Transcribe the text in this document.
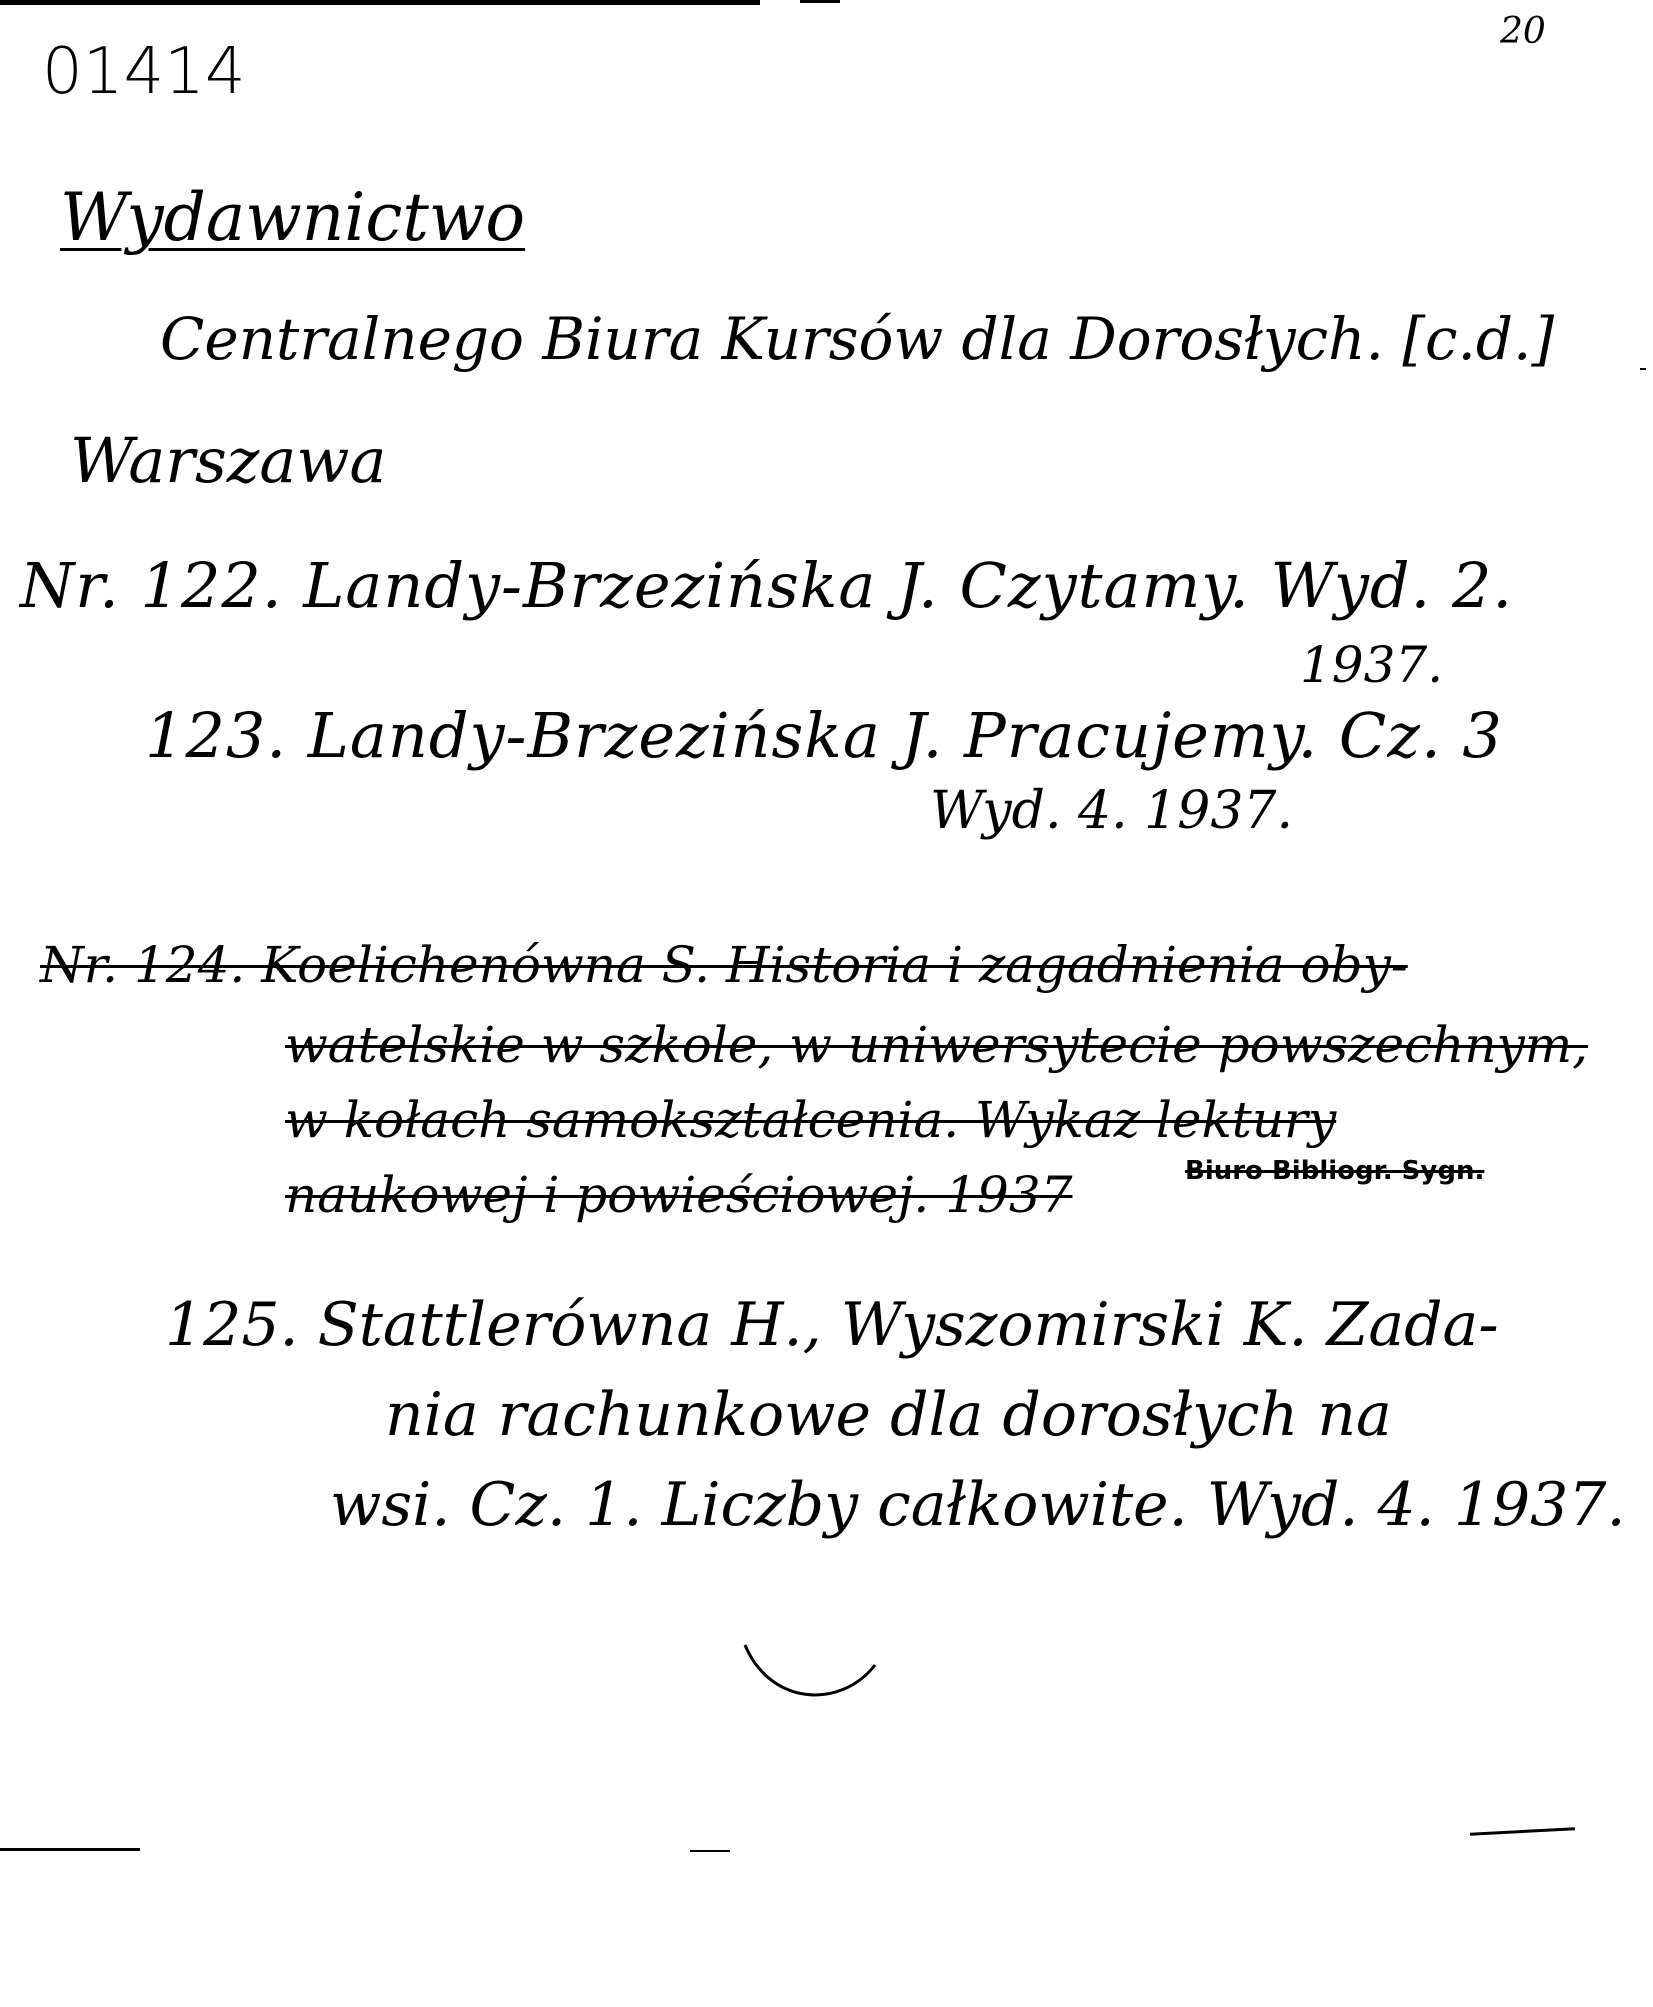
01414
20
Wydawnictwo
Centralnego Biura Kursów dla Dorosłych. [c.d.]
Warszawa
Nr. 122. Landy-Brzezińska J. Czytamy. Wyd. 2.
1937.
123. Landy-Brzezińska J. Pracujemy. Cz. 3
Wyd. 4. 1937.
Nr. 124. Koelichenówna S. Historia i zagadnienia oby-
watelskie w szkole, w uniwersytecie powszechnym,
w kołach samokształcenia. Wykaz lektury
naukowej i powieściowej. 1937	Biuro Bibliogr. Sygn.
125. Stattlerówna H., Wyszomirski K. Zada-
nia rachunkowe dla dorosłych na
wsi. Cz. 1. Liczby całkowite. Wyd. 4. 1937.
